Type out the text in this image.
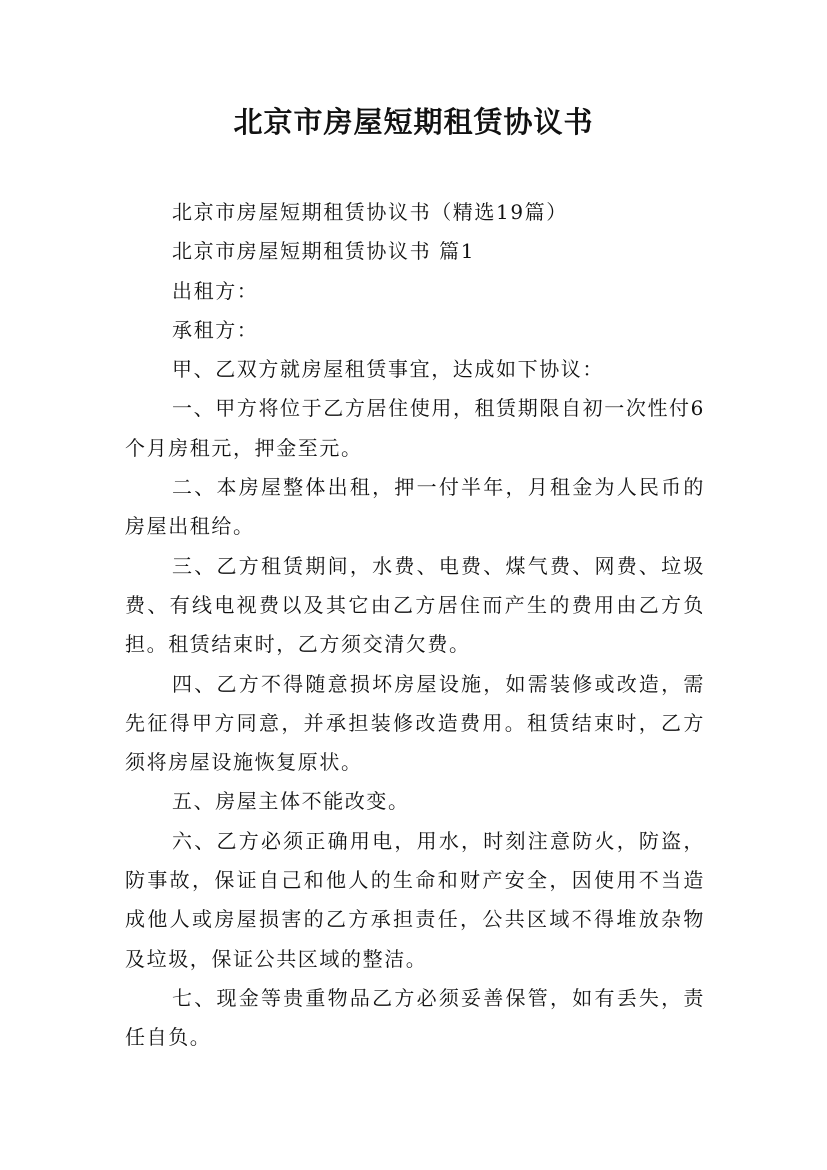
北京市房屋短期租赁协议书

北京市房屋短期租赁协议书（精选19篇）

北京市房屋短期租赁协议书 篇1

出租方：

承租方：

甲、乙双方就房屋租赁事宜，达成如下协议：

一、甲方将位于乙方居住使用，租赁期限自初一次性付6个月房租元，押金至元。

二、本房屋整体出租，押一付半年，月租金为人民币的房屋出租给。

三、乙方租赁期间，水费、电费、煤气费、网费、垃圾费、有线电视费以及其它由乙方居住而产生的费用由乙方负担。租赁结束时，乙方须交清欠费。

四、乙方不得随意损坏房屋设施，如需装修或改造，需先征得甲方同意，并承担装修改造费用。租赁结束时，乙方须将房屋设施恢复原状。

五、房屋主体不能改变。

六、乙方必须正确用电，用水，时刻注意防火，防盗，防事故，保证自己和他人的生命和财产安全，因使用不当造成他人或房屋损害的乙方承担责任，公共区域不得堆放杂物及垃圾，保证公共区域的整洁。

七、现金等贵重物品乙方必须妥善保管，如有丢失，责任自负。
